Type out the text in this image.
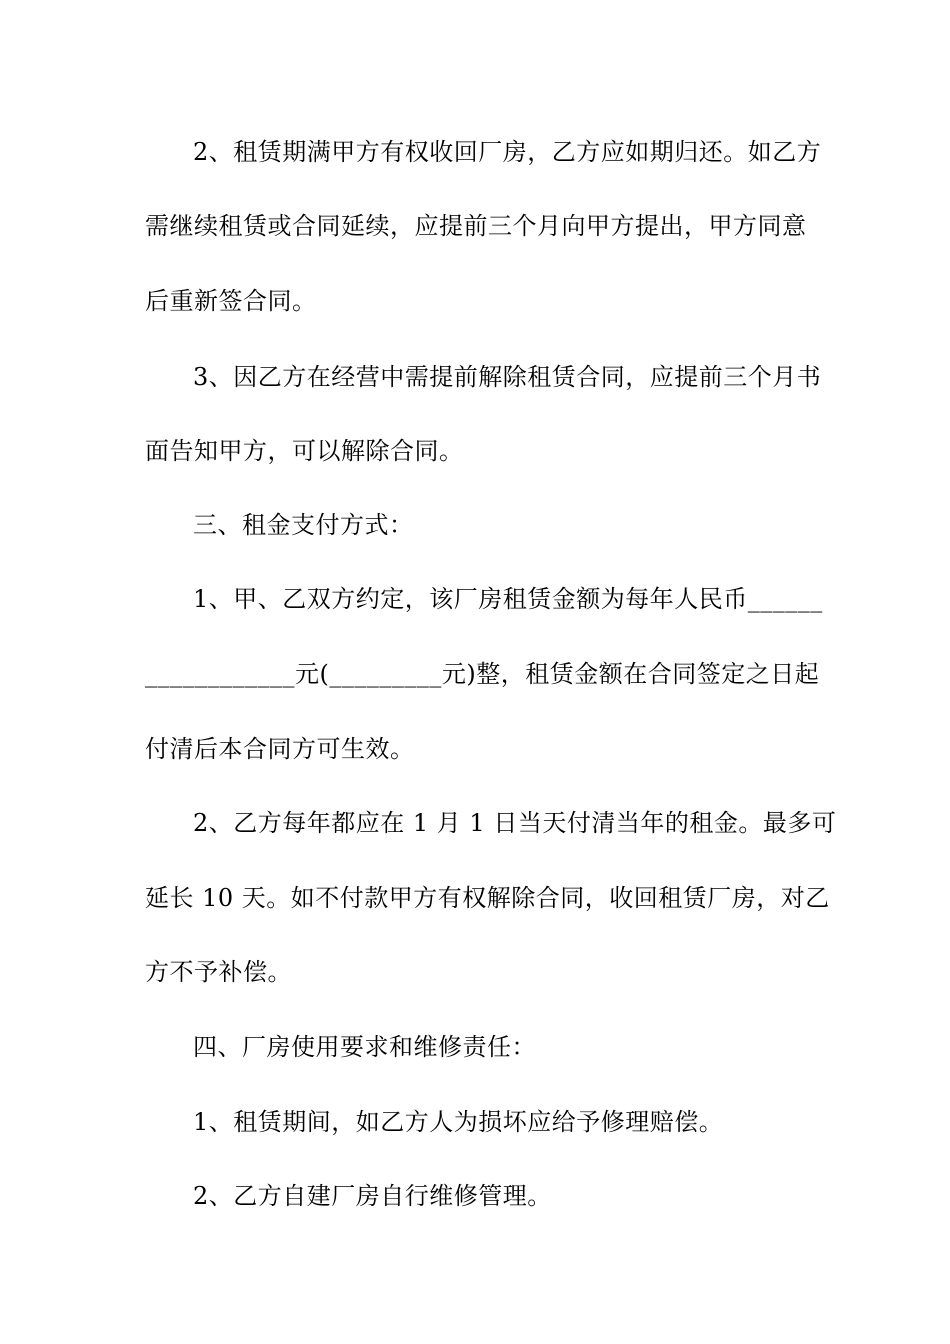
2、租赁期满甲方有权收回厂房，乙方应如期归还。如乙方
需继续租赁或合同延续，应提前三个月向甲方提出，甲方同意
后重新签合同。
3、因乙方在经营中需提前解除租赁合同，应提前三个月书
面告知甲方，可以解除合同。
三、租金支付方式：
1、甲、乙双方约定，该厂房租赁金额为每年人民币______
____________元(_________元)整，租赁金额在合同签定之日起
付清后本合同方可生效。
2、乙方每年都应在 1 月 1 日当天付清当年的租金。最多可
延长 10 天。如不付款甲方有权解除合同，收回租赁厂房，对乙
方不予补偿。
四、厂房使用要求和维修责任：
1、租赁期间，如乙方人为损坏应给予修理赔偿。
2、乙方自建厂房自行维修管理。
